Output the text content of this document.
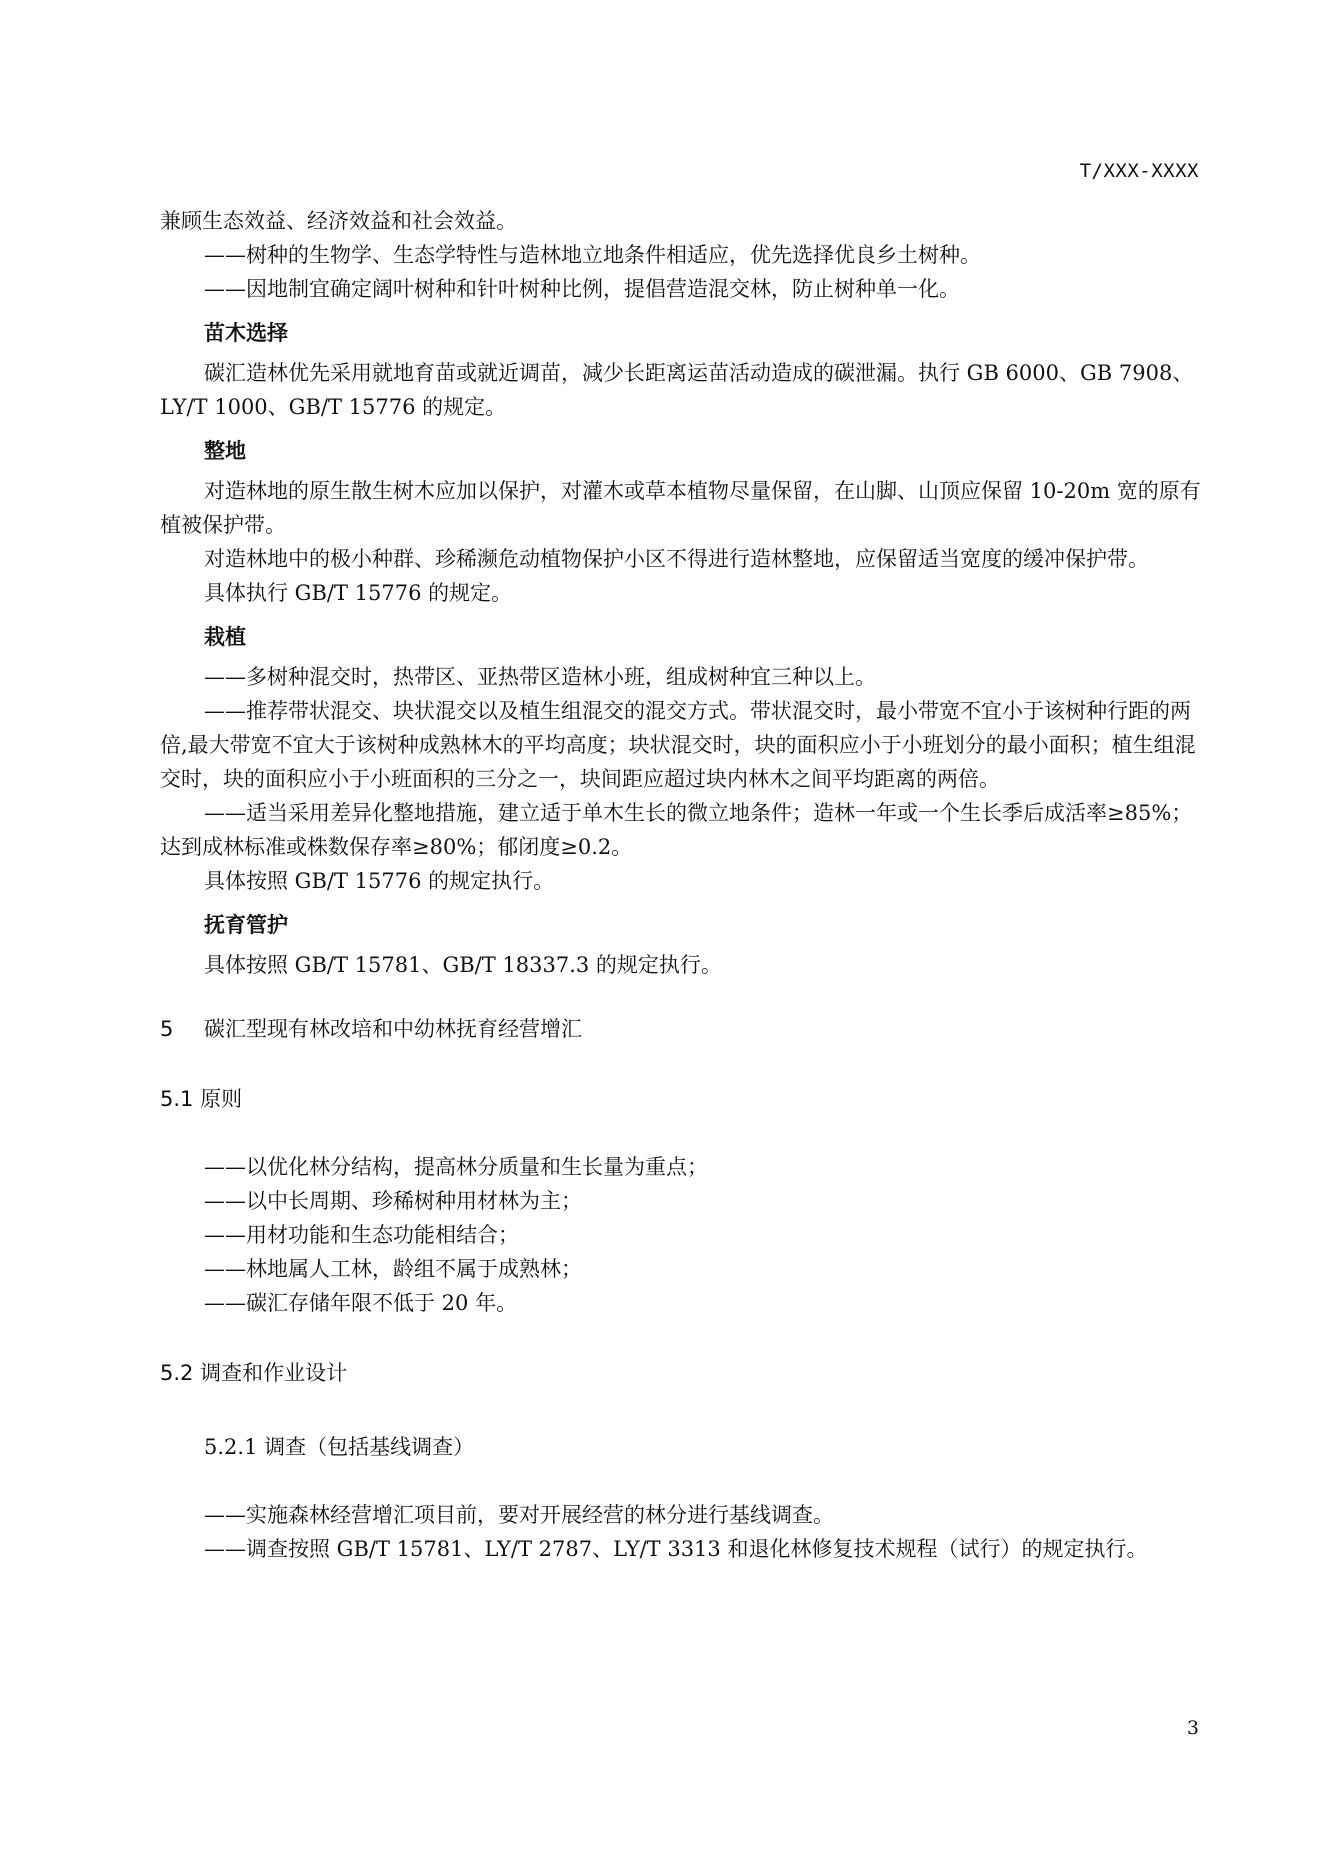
T/XXX-XXXX

兼顾生态效益、经济效益和社会效益。

——树种的生物学、生态学特性与造林地立地条件相适应，优先选择优良乡土树种。

——因地制宜确定阔叶树种和针叶树种比例，提倡营造混交林，防止树种单一化。

苗木选择

碳汇造林优先采用就地育苗或就近调苗，减少长距离运苗活动造成的碳泄漏。执行 GB 6000、GB 7908、LY/T 1000、GB/T 15776 的规定。

整地

对造林地的原生散生树木应加以保护，对灌木或草本植物尽量保留，在山脚、山顶应保留 10-20m 宽的原有植被保护带。

对造林地中的极小种群、珍稀濒危动植物保护小区不得进行造林整地，应保留适当宽度的缓冲保护带。

具体执行 GB/T 15776 的规定。

栽植

——多树种混交时，热带区、亚热带区造林小班，组成树种宜三种以上。

——推荐带状混交、块状混交以及植生组混交的混交方式。带状混交时，最小带宽不宜小于该树种行距的两倍,最大带宽不宜大于该树种成熟林木的平均高度；块状混交时，块的面积应小于小班划分的最小面积；植生组混交时，块的面积应小于小班面积的三分之一，块间距应超过块内林木之间平均距离的两倍。

——适当采用差异化整地措施，建立适于单木生长的微立地条件；造林一年或一个生长季后成活率≥85%；达到成林标准或株数保存率≥80%；郁闭度≥0.2。

具体按照 GB/T 15776 的规定执行。

抚育管护

具体按照 GB/T 15781、GB/T 18337.3 的规定执行。

5 碳汇型现有林改培和中幼林抚育经营增汇
5.1 原则

——以优化林分结构，提高林分质量和生长量为重点；

——以中长周期、珍稀树种用材林为主；

——用材功能和生态功能相结合；

——林地属人工林，龄组不属于成熟林；

——碳汇存储年限不低于 20 年。

5.2 调查和作业设计
5.2.1 调查（包括基线调查）

——实施森林经营增汇项目前，要对开展经营的林分进行基线调查。

——调查按照 GB/T 15781、LY/T 2787、LY/T 3313 和退化林修复技术规程（试行）的规定执行。

3
